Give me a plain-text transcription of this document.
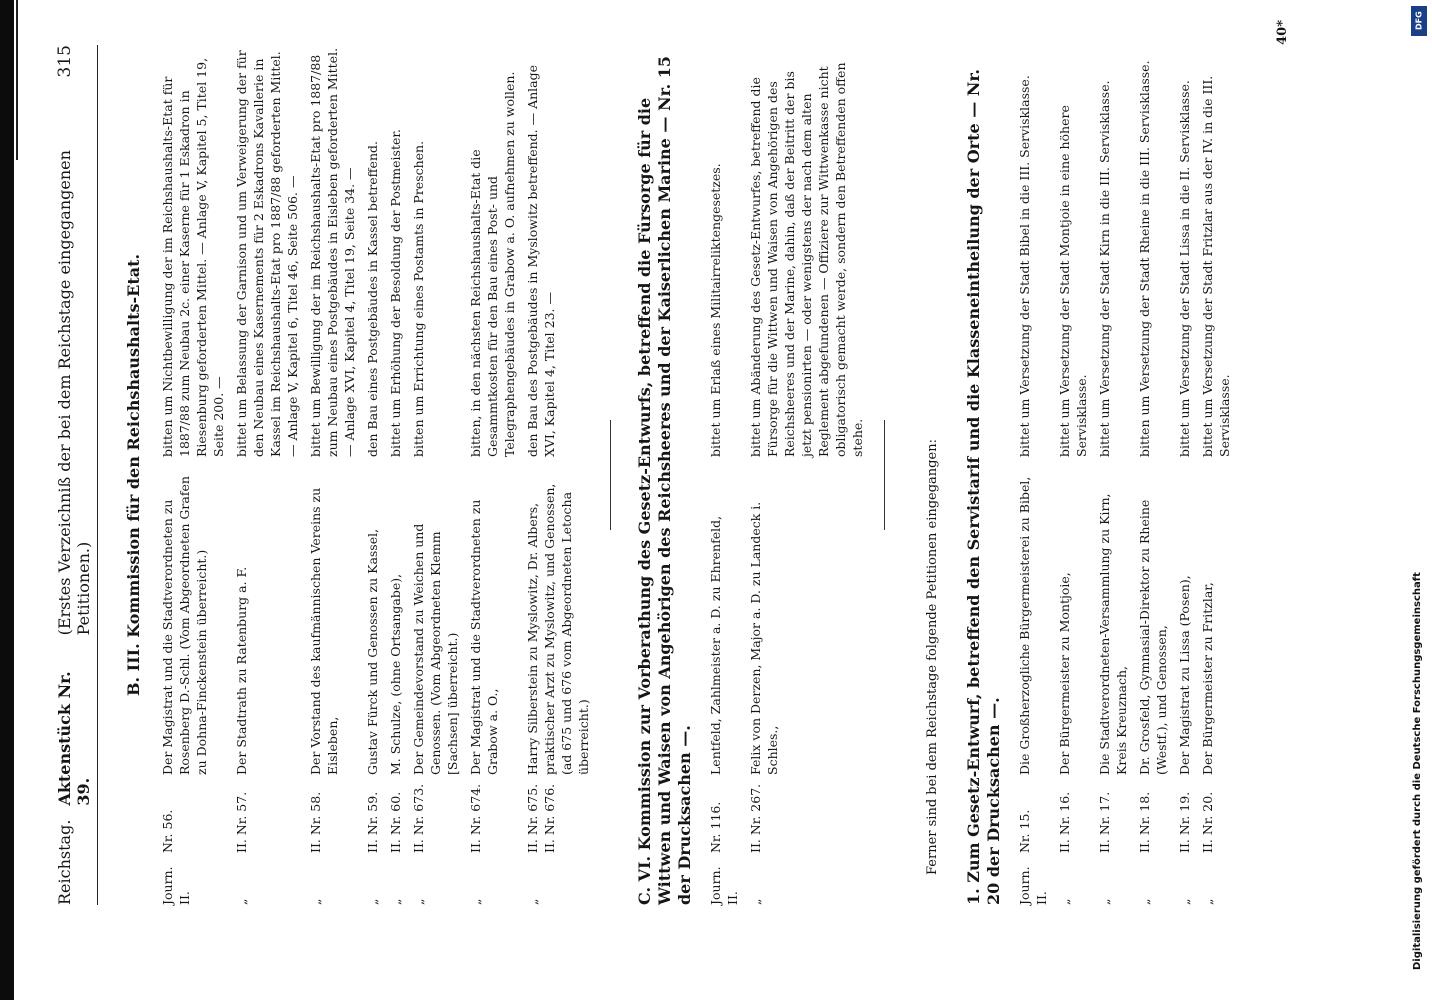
Reichstag.
Aktenstück Nr. 39.
(Erstes Verzeichniß der bei dem Reichstage eingegangenen Petitionen.)
315
B. III. Kommission für den Reichshaushalts-Etat.
Journ. II.
Nr. 56.
Der Magistrat und die Stadtverordneten zu Rosenberg D.-Schl. (Vom Abgeordneten Grafen zu Dohna-Finckenstein überreicht.)
bitten um Nichtbewilligung der im Reichshaushalts-Etat für 1887/88 zum Neubau 2c. einer Kaserne für 1 Eskadron in Riesenburg geforderten Mittel. — Anlage V, Kapitel 5, Titel 19, Seite 200. —
„
II. Nr. 57.
Der Stadtrath zu Ratenburg a. F.
bittet um Belassung der Garnison und um Verweigerung der für den Neubau eines Kasernements für 2 Eskadrons Kavallerie in Kassel im Reichshaushalts-Etat pro 1887/88 geforderten Mittel. — Anlage V, Kapitel 6, Titel 46, Seite 506. —
„
II. Nr. 58.
Der Vorstand des kaufmännischen Vereins zu Eisleben,
bittet um Bewilligung der im Reichshaushalts-Etat pro 1887/88 zum Neubau eines Postgebäudes in Eisleben geforderten Mittel. — Anlage XVI, Kapitel 4, Titel 19, Seite 34. —
„
II. Nr. 59.
Gustav Fürck und Genossen zu Kassel,
den Bau eines Postgebäudes in Kassel betreffend.
„
II. Nr. 60.
M. Schulze, (ohne Ortsangabe),
bittet um Erhöhung der Besoldung der Postmeister.
„
II. Nr. 673.
Der Gemeindevorstand zu Weichen und Genossen. (Vom Abgeordneten Klemm [Sachsen] überreicht.)
bitten um Errichtung eines Postamts in Preschen.
„
II. Nr. 674.
Der Magistrat und die Stadtverordneten zu Grabow a. O.,
bitten, in den nächsten Reichshaushalts-Etat die Gesammtkosten für den Bau eines Post- und Telegraphengebäudes in Grabow a. O. aufnehmen zu wollen.
„
II. Nr. 675. II. Nr. 676.
Harry Silberstein zu Myslowitz, Dr. Albers, praktischer Arzt zu Myslowitz, und Genossen, (ad 675 und 676 vom Abgeordneten Letocha überreicht.)
den Bau des Postgebäudes in Myslowitz betreffend. — Anlage XVI, Kapitel 4, Titel 23. —	C. VI. Kommission zur Vorberathung des Gesetz-Entwurfs, betreffend die Fürsorge für die Wittwen und Waisen von Angehörigen des Reichsheeres und der Kaiserlichen Marine — Nr. 15 der Drucksachen —. Journ. II.
Nr. 116.
Lentfeld, Zahlmeister a. D. zu Ehrenfeld,
bittet um Erlaß eines Militairreliktengesetzes.
„
II. Nr. 267.
Felix von Derzen, Major a. D. zu Landeck i. Schles.,
bittet um Abänderung des Gesetz-Entwurfes, betreffend die Fürsorge für die Wittwen und Waisen von Angehörigen des Reichsheeres und der Marine, dahin, daß der Beitritt der bis jetzt pensionirten — oder wenigstens der nach dem alten Reglement abgefundenen — Offiziere zur Wittwenkasse nicht obligatorisch gemacht werde, sondern den Betreffenden offen stehe.
Ferner sind bei dem Reichstage folgende Petitionen eingegangen: 1. Zum Gesetz-Entwurf, betreffend den Servistarif und die Klasseneintheilung der Orte — Nr. 20 der Drucksachen —. Journ. II.
Nr. 15.
Die Großherzogliche Bürgermeisterei zu Bibel,
bittet um Versetzung der Stadt Bibel in die III. Servisklasse.
„
II. Nr. 16.
Der Bürgermeister zu Montjoie,
bittet um Versetzung der Stadt Montjoie in eine höhere Servisklasse.
„
II. Nr. 17.
Die Stadtverordneten-Versammlung zu Kirn, Kreis Kreuznach,
bittet um Versetzung der Stadt Kirn in die III. Servisklasse.
„
II. Nr. 18.
Dr. Grosfeld, Gymnasial-Direktor zu Rheine (Westf.), und Genossen,
bitten um Versetzung der Stadt Rheine in die III. Servisklasse.
„
II. Nr. 19.
Der Magistrat zu Lissa (Posen),
bittet um Versetzung der Stadt Lissa in die II. Servisklasse.
„
II. Nr. 20.
Der Bürgermeister zu Fritzlar,
bittet um Versetzung der Stadt Fritzlar aus der IV. in die III. Servisklasse.
40*
Digitalisierung gefördert durch die Deutsche Forschungsgemeinschaft
DFG
